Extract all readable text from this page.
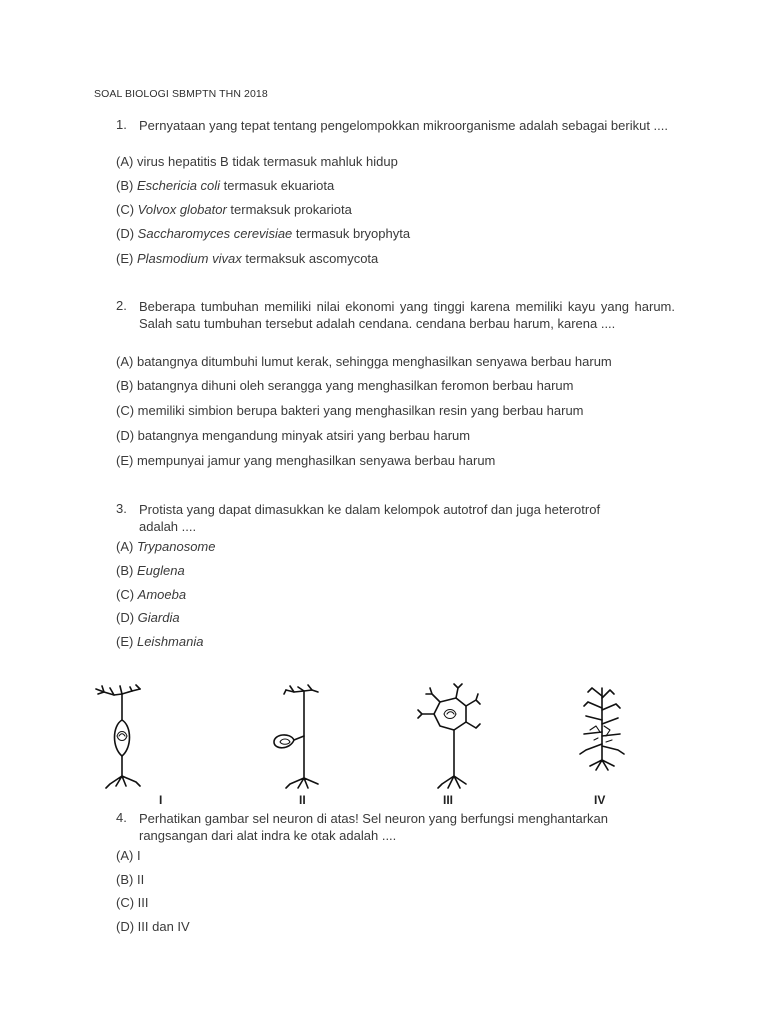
SOAL BIOLOGI SBMPTN THN 2018
1. Pernyataan yang tepat tentang pengelompokkan mikroorganisme adalah sebagai berikut ....
(A) virus hepatitis B tidak termasuk mahluk hidup
(B) Eschericia coli termasuk ekuariota
(C) Volvox globator termaksuk prokariota
(D) Saccharomyces cerevisiae termasuk bryophyta
(E) Plasmodium vivax termaksuk ascomycota
2. Beberapa tumbuhan memiliki nilai ekonomi yang tinggi karena memiliki kayu yang harum. Salah satu tumbuhan tersebut adalah cendana. cendana berbau harum, karena ....
(A) batangnya ditumbuhi lumut kerak, sehingga menghasilkan senyawa berbau harum
(B) batangnya dihuni oleh serangga yang menghasilkan feromon berbau harum
(C) memiliki simbion berupa bakteri yang menghasilkan resin yang berbau harum
(D) batangnya mengandung minyak atsiri yang berbau harum
(E) mempunyai jamur yang menghasilkan senyawa berbau harum
3. Protista yang dapat dimasukkan ke dalam kelompok autotrof dan juga heterotrof adalah ....
(A) Trypanosome
(B) Euglena
(C) Amoeba
(D) Giardia
(E) Leishmania
I	II	III	IV
4. Perhatikan gambar sel neuron di atas! Sel neuron yang berfungsi menghantarkan rangsangan dari alat indra ke otak adalah ....
(A) I
(B) II
(C) III
(D) III dan IV
